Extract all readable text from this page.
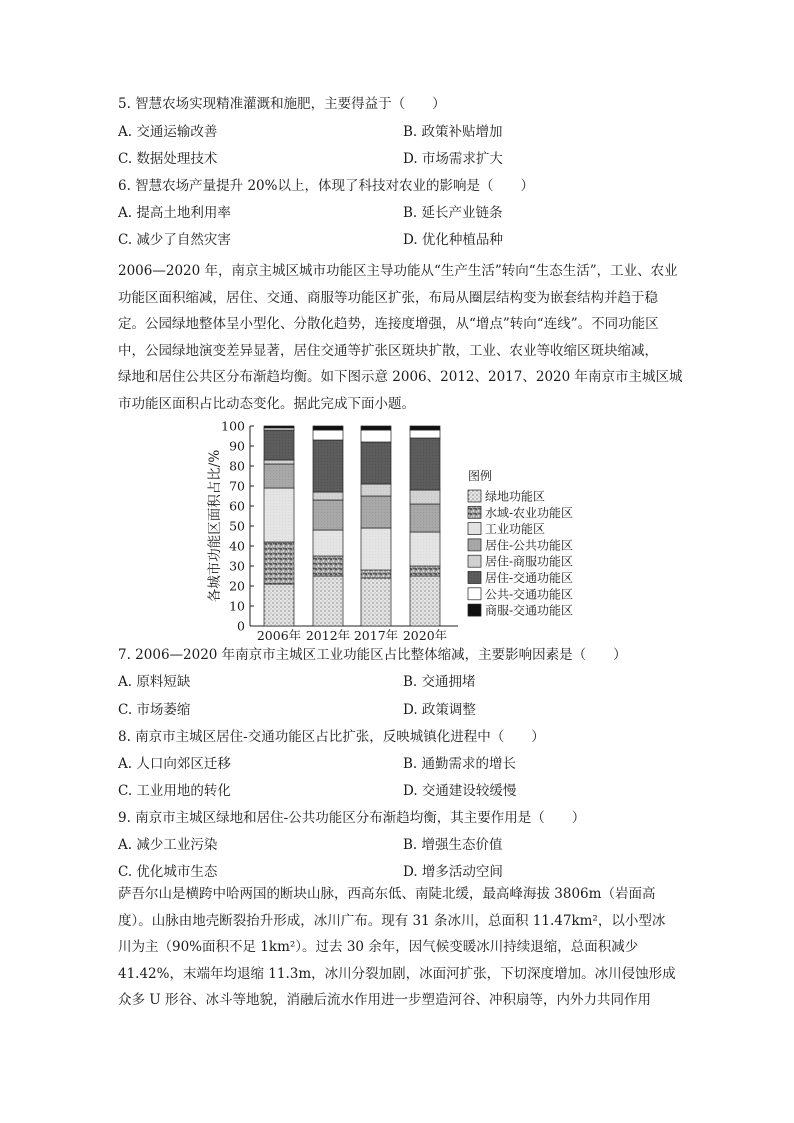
5. 智慧农场实现精准灌溉和施肥，主要得益于（　　）
A. 交通运输改善	B. 政策补贴增加
C. 数据处理技术	D. 市场需求扩大
6. 智慧农场产量提升 20%以上，体现了科技对农业的影响是（　　）
A. 提高土地利用率	B. 延长产业链条
C. 减少了自然灾害	D. 优化种植品种
2006—2020 年，南京主城区城市功能区主导功能从“生产生活”转向“生态生活”，工业、农业
功能区面积缩减，居住、交通、商服等功能区扩张，布局从圈层结构变为嵌套结构并趋于稳
定。公园绿地整体呈小型化、分散化趋势，连接度增强，从“增点”转向“连线”。不同功能区
中，公园绿地演变差异显著，居住交通等扩张区斑块扩散，工业、农业等收缩区斑块缩减，
绿地和居住公共区分布渐趋均衡。如下图示意 2006、2012、2017、2020 年南京市主城区城
市功能区面积占比动态变化。据此完成下面小题。
各城市功能区面积占比/%
0
10
20
30
40
50
60
70
80
90
100
2006年 2012年 2017年 2020年
图例
绿地功能区
水域-农业功能区
工业功能区
居住-公共功能区
居住-商服功能区
居住-交通功能区
公共-交通功能区
商服-交通功能区
7. 2006—2020 年南京市主城区工业功能区占比整体缩减，主要影响因素是（　　）
A. 原料短缺	B. 交通拥堵
C. 市场萎缩	D. 政策调整
8. 南京市主城区居住-交通功能区占比扩张，反映城镇化进程中（　　）
A. 人口向郊区迁移	B. 通勤需求的增长
C. 工业用地的转化	D. 交通建设较缓慢
9. 南京市主城区绿地和居住-公共功能区分布渐趋均衡，其主要作用是（　　）
A. 减少工业污染	B. 增强生态价值
C. 优化城市生态	D. 增多活动空间
萨吾尔山是横跨中哈两国的断块山脉，西高东低、南陡北缓，最高峰海拔 3806m（岩面高
度）。山脉由地壳断裂抬升形成，冰川广布。现有 31 条冰川，总面积 11.47km²，以小型冰
川为主（90%面积不足 1km²）。过去 30 余年，因气候变暖冰川持续退缩，总面积减少
41.42%，末端年均退缩 11.3m，冰川分裂加剧，冰面河扩张，下切深度增加。冰川侵蚀形成
众多 U 形谷、冰斗等地貌，消融后流水作用进一步塑造河谷、冲积扇等，内外力共同作用
